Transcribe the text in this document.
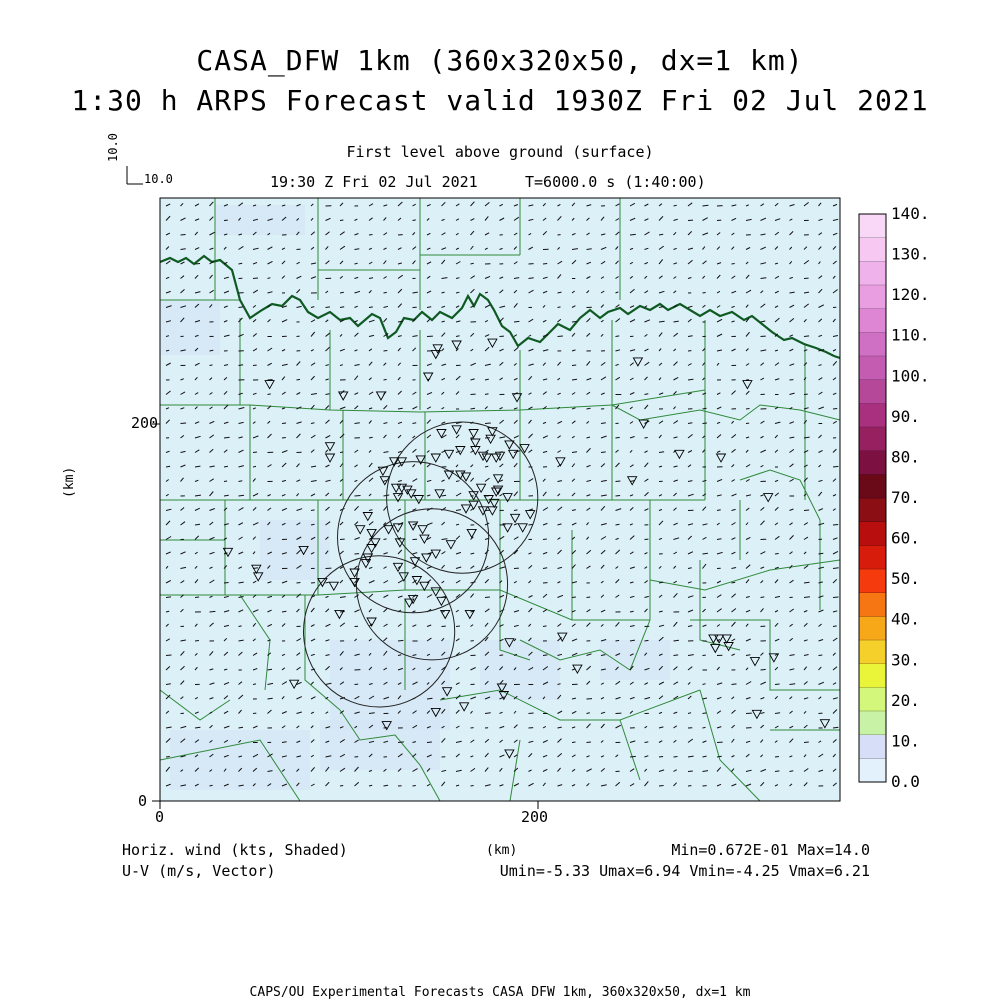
CASA_DFW 1km (360x320x50, dx=1 km)
1:30 h ARPS Forecast valid 1930Z Fri 02 Jul 2021
First level above ground (surface)
19:30 Z Fri 02 Jul 2021	T=6000.0 s (1:40:00)
10.0
10.0
200
0
0	200
(km)
(km)
Horiz. wind (kts, Shaded)
U-V (m/s, Vector)
Min=0.672E-01 Max=14.0
Umin=-5.33 Umax=6.94 Vmin=-4.25 Vmax=6.21
CAPS/OU Experimental Forecasts CASA DFW 1km, 360x320x50, dx=1 km
0.0
10.
20.
30.
40.
50.
60.
70.
80.
90.
100.
110.
120.
130.
140.
